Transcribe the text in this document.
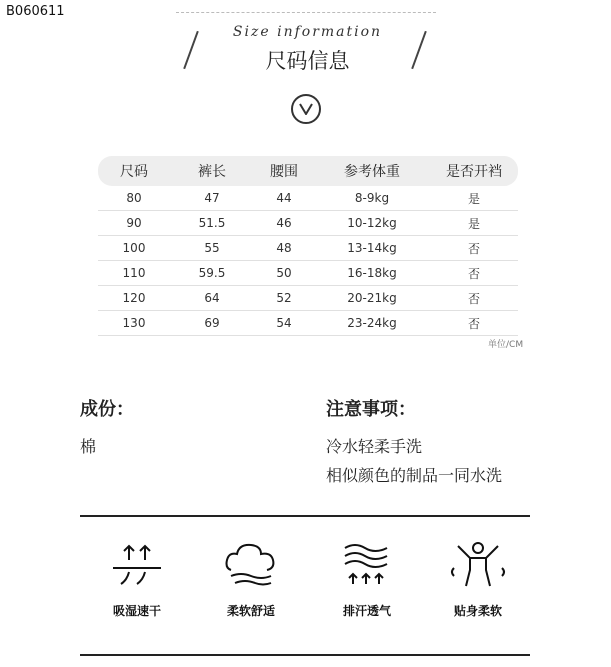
B060611
Size information
尺码信息
尺码	裤长	腰围	参考体重	是否开裆
80	47	44	8-9kg	是
90	51.5	46	10-12kg	是
100	55	48	13-14kg	否
110	59.5	50	16-18kg	否
120	64	52	20-21kg	否
130	69	54	23-24kg	否
单位/CM
成份：
棉
注意事项：
冷水轻柔手洗
相似颜色的制品一同水洗
吸湿速干	柔软舒适	排汗透气	贴身柔软
